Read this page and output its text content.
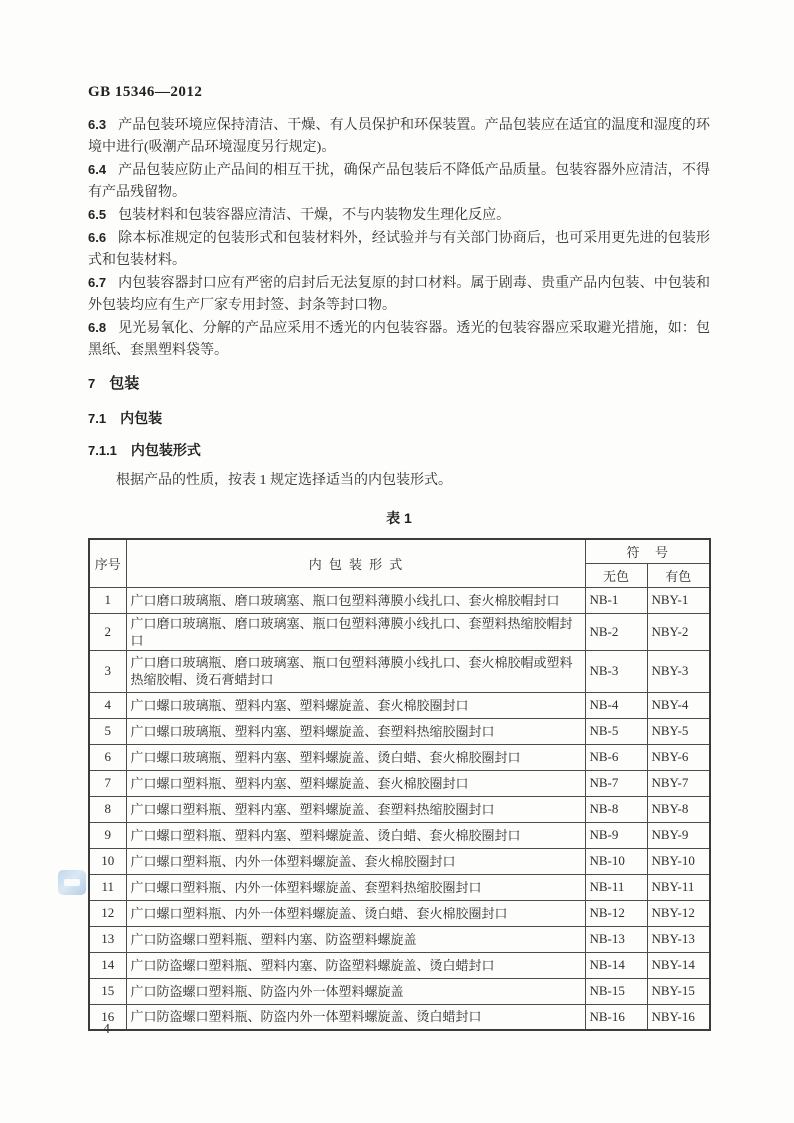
GB 15346—2012

6.3 产品包装环境应保持清洁、干燥、有人员保护和环保装置。产品包装应在适宜的温度和湿度的环境中进行(吸潮产品环境湿度另行规定)。

6.4 产品包装应防止产品间的相互干扰，确保产品包装后不降低产品质量。包装容器外应清洁，不得有产品残留物。

6.5 包装材料和包装容器应清洁、干燥，不与内装物发生理化反应。

6.6 除本标准规定的包装形式和包装材料外，经试验并与有关部门协商后，也可采用更先进的包装形式和包装材料。

6.7 内包装容器封口应有严密的启封后无法复原的封口材料。属于剧毒、贵重产品内包装、中包装和外包装均应有生产厂家专用封签、封条等封口物。

6.8 见光易氧化、分解的产品应采用不透光的内包装容器。透光的包装容器应采取避光措施，如：包黑纸、套黑塑料袋等。

7 包装
7.1 内包装
7.1.1 内包装形式

根据产品的性质，按表 1 规定选择适当的内包装形式。

表 1
序号	内包装形式	符号	
		无色	有色
1	广口磨口玻璃瓶、磨口玻璃塞、瓶口包塑料薄膜小线扎口、套火棉胶帽封口	NB-1	NBY-1
2	广口磨口玻璃瓶、磨口玻璃塞、瓶口包塑料薄膜小线扎口、套塑料热缩胶帽封口	NB-2	NBY-2
3	广口磨口玻璃瓶、磨口玻璃塞、瓶口包塑料薄膜小线扎口、套火棉胶帽或塑料热缩胶帽、烫石膏蜡封口	NB-3	NBY-3
4	广口螺口玻璃瓶、塑料内塞、塑料螺旋盖、套火棉胶圈封口	NB-4	NBY-4
5	广口螺口玻璃瓶、塑料内塞、塑料螺旋盖、套塑料热缩胶圈封口	NB-5	NBY-5
6	广口螺口玻璃瓶、塑料内塞、塑料螺旋盖、烫白蜡、套火棉胶圈封口	NB-6	NBY-6
7	广口螺口塑料瓶、塑料内塞、塑料螺旋盖、套火棉胶圈封口	NB-7	NBY-7
8	广口螺口塑料瓶、塑料内塞、塑料螺旋盖、套塑料热缩胶圈封口	NB-8	NBY-8
9	广口螺口塑料瓶、塑料内塞、塑料螺旋盖、烫白蜡、套火棉胶圈封口	NB-9	NBY-9
10	广口螺口塑料瓶、内外一体塑料螺旋盖、套火棉胶圈封口	NB-10	NBY-10
11	广口螺口塑料瓶、内外一体塑料螺旋盖、套塑料热缩胶圈封口	NB-11	NBY-11
12	广口螺口塑料瓶、内外一体塑料螺旋盖、烫白蜡、套火棉胶圈封口	NB-12	NBY-12
13	广口防盗螺口塑料瓶、塑料内塞、防盗塑料螺旋盖	NB-13	NBY-13
14	广口防盗螺口塑料瓶、塑料内塞、防盗塑料螺旋盖、烫白蜡封口	NB-14	NBY-14
15	广口防盗螺口塑料瓶、防盗内外一体塑料螺旋盖	NB-15	NBY-15
16	广口防盗螺口塑料瓶、防盗内外一体塑料螺旋盖、烫白蜡封口	NB-16	NBY-16
4
